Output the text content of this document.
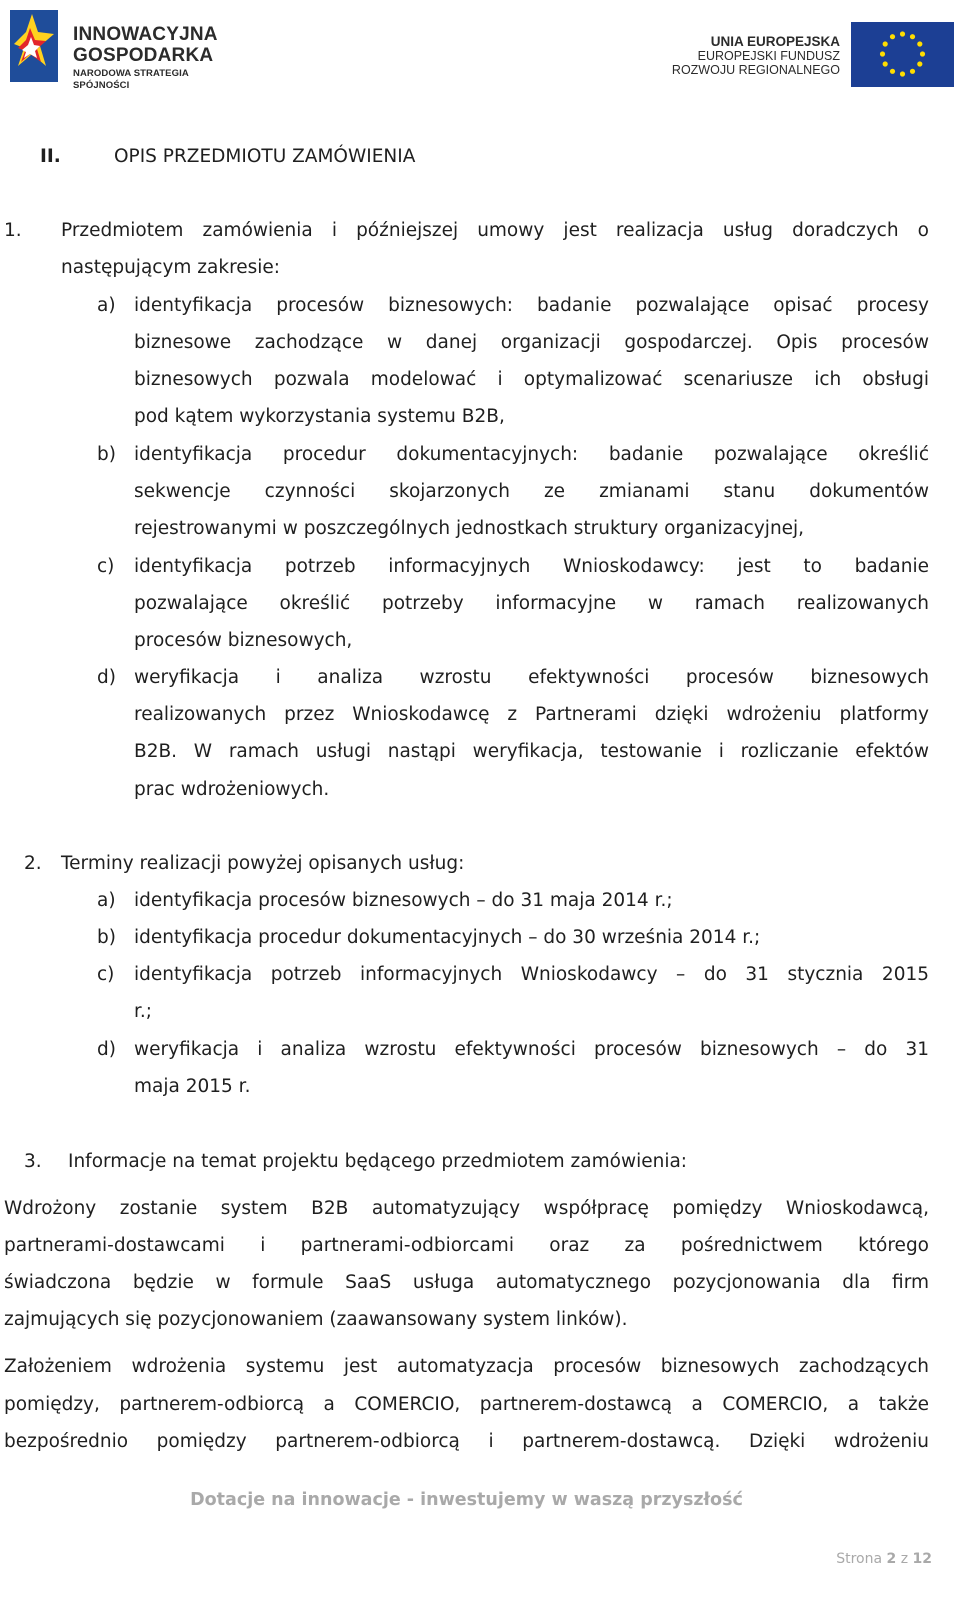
INNOWACYJNA
GOSPODARKA
NARODOWA STRATEGIA SPÓJNOŚCI
UNIA EUROPEJSKA
EUROPEJSKI FUNDUSZ
ROZWOJU REGIONALNEGO
II.	OPIS PRZEDMIOTU ZAMÓWIENIA
1. Przedmiotem zamówienia i późniejszej umowy jest realizacja usług doradczych o
następującym zakresie:
a) identyfikacja procesów biznesowych: badanie pozwalające opisać procesy
biznesowe zachodzące w danej organizacji gospodarczej. Opis procesów
biznesowych pozwala modelować i optymalizować scenariusze ich obsługi
pod kątem wykorzystania systemu B2B,
b) identyfikacja procedur dokumentacyjnych: badanie pozwalające określić
sekwencje czynności skojarzonych ze zmianami stanu dokumentów
rejestrowanymi w poszczególnych jednostkach struktury organizacyjnej,
c) identyfikacja potrzeb informacyjnych Wnioskodawcy: jest to badanie
pozwalające określić potrzeby informacyjne w ramach realizowanych
procesów biznesowych,
d) weryfikacja i analiza wzrostu efektywności procesów biznesowych
realizowanych przez Wnioskodawcę z Partnerami dzięki wdrożeniu platformy
B2B. W ramach usługi nastąpi weryfikacja, testowanie i rozliczanie efektów
prac wdrożeniowych.
2. Terminy realizacji powyżej opisanych usług:
a) identyfikacja procesów biznesowych – do 31 maja 2014 r.;
b) identyfikacja procedur dokumentacyjnych – do 30 września 2014 r.;
c) identyfikacja potrzeb informacyjnych Wnioskodawcy – do 31 stycznia 2015
r.;
d) weryfikacja i analiza wzrostu efektywności procesów biznesowych – do 31
maja 2015 r.
3. Informacje na temat projektu będącego przedmiotem zamówienia:
Wdrożony zostanie system B2B automatyzujący współpracę pomiędzy Wnioskodawcą,
partnerami-dostawcami i partnerami-odbiorcami oraz za pośrednictwem którego
świadczona będzie w formule SaaS usługa automatycznego pozycjonowania dla firm
zajmujących się pozycjonowaniem (zaawansowany system linków).
Założeniem wdrożenia systemu jest automatyzacja procesów biznesowych zachodzących
pomiędzy, partnerem-odbiorcą a COMERCIO, partnerem-dostawcą a COMERCIO, a także
bezpośrednio pomiędzy partnerem-odbiorcą i partnerem-dostawcą. Dzięki wdrożeniu
Dotacje na innowacje - inwestujemy w waszą przyszłość
Strona 2 z 12
